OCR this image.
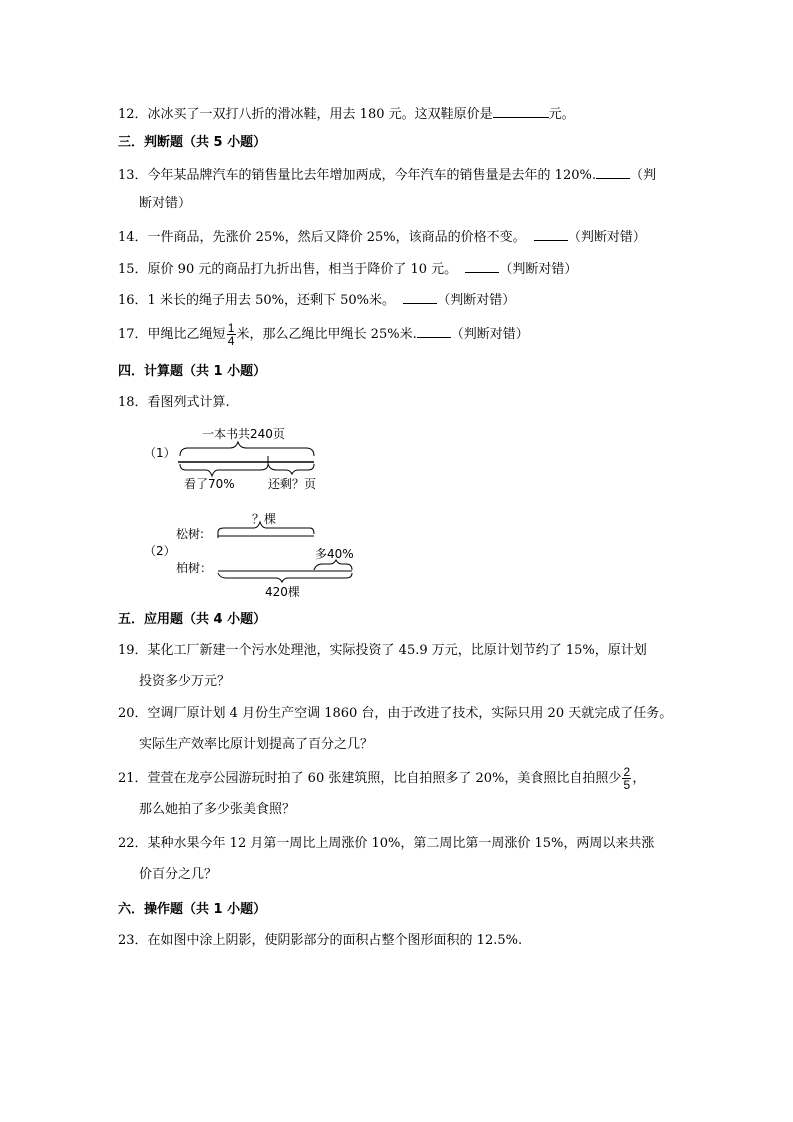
12．冰冰买了一双打八折的滑冰鞋，用去 180 元。这双鞋原价是	元。
三．判断题（共 5 小题）
13．今年某品牌汽车的销售量比去年增加两成，今年汽车的销售量是去年的 120%.	（判
断对错）
14．一件商品，先涨价 25%，然后又降价 25%，该商品的价格不变。	（判断对错）
15．原价 90 元的商品打九折出售，相当于降价了 10 元。	（判断对错）
16．1 米长的绳子用去 50%，还剩下 50%米。	（判断对错）
17．甲绳比乙绳短 $\frac{1}{4}$ 米，那么乙绳比甲绳长 25%米.	（判断对错）
四．计算题（共 1 小题）
18．看图列式计算.
（1）
一本书共240页
看了70%	还剩？页
（2）
松树:
？棵
柏树：
多40%
420棵
五．应用题（共 4 小题）
19．某化工厂新建一个污水处理池，实际投资了 45.9 万元，比原计划节约了 15%，原计划
投资多少万元？
20．空调厂原计划 4 月份生产空调 1860 台，由于改进了技术，实际只用 20 天就完成了任务。
实际生产效率比原计划提高了百分之几？
21．萱萱在龙亭公园游玩时拍了 60 张建筑照，比自拍照多了 20%，美食照比自拍照少 $\frac{2}{5}$ ，
那么她拍了多少张美食照？
22．某种水果今年 12 月第一周比上周涨价 10%，第二周比第一周涨价 15%，两周以来共涨
价百分之几？
六．操作题（共 1 小题）
23．在如图中涂上阴影，使阴影部分的面积占整个图形面积的 12.5%.
